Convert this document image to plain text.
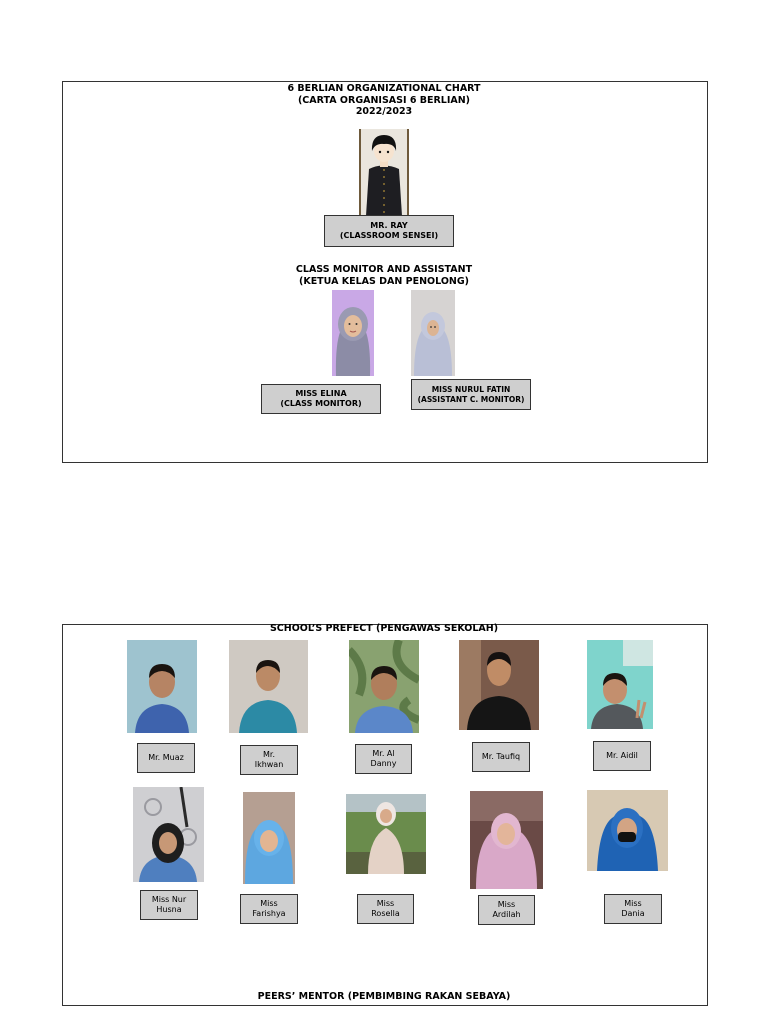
6 BERLIAN ORGANIZATIONAL CHART
(CARTA ORGANISASI 6 BERLIAN)
2022/2023
MR. RAY
(CLASSROOM SENSEI)
CLASS MONITOR AND ASSISTANT
(KETUA KELAS DAN PENOLONG)
MISS ELINA
(CLASS MONITOR)
MISS NURUL FATIN
(ASSISTANT C. MONITOR)
SCHOOL’S PREFECT (PENGAWAS SEKOLAH)
Mr. Muaz	Mr.
Ikhwan
Mr. Al
Danny
Mr. Taufiq	Mr. Aidil
Miss Nur
Husna
Miss
Farishya
Miss
Rosella
Miss
Ardilah
Miss
Dania
PEERS’ MENTOR (PEMBIMBING RAKAN SEBAYA)
